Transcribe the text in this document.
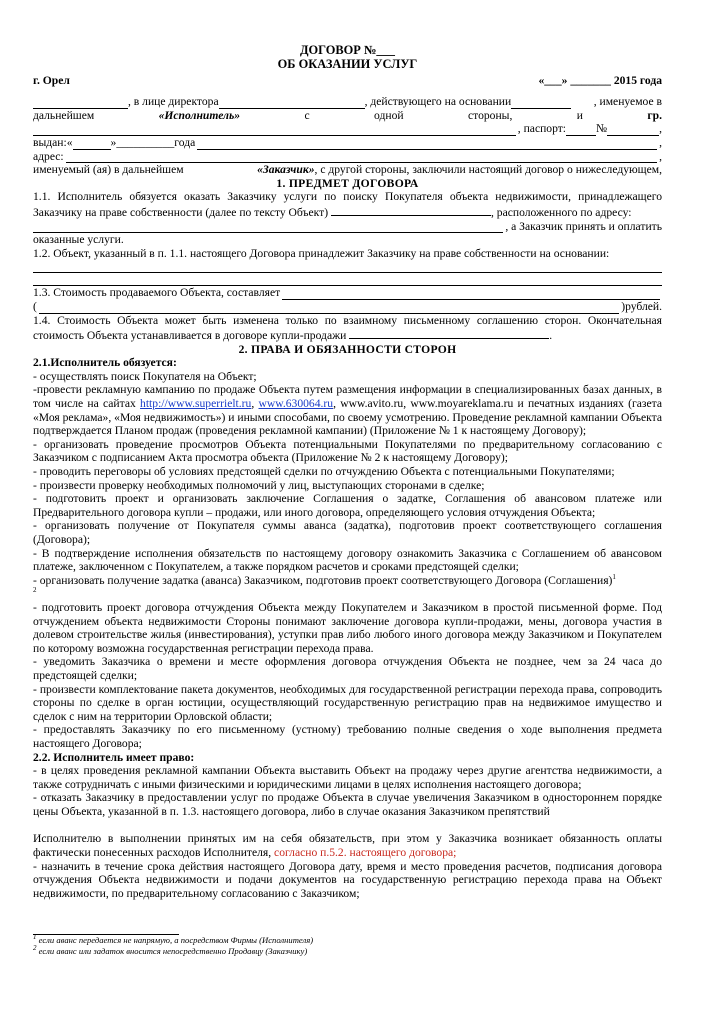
ДОГОВОР №___
ОБ ОКАЗАНИИ УСЛУГ
г. Орел	«___» _______ 2015 года
, в лице директора	, действующего на основании	, именуемое в
дальнейшем	«Исполнитель»	с	одной	стороны,	и	гр.
, паспорт:	№	,
выдан:«	»__________года	,
адрес:	,
именуемый (ая) в дальнейшем	«Заказчик» , с другой стороны, заключили настоящий договор о нижеследующем,
1. ПРЕДМЕТ ДОГОВОРА
1.1. Исполнитель обязуется оказать Заказчику услуги по поиску Покупателя объекта недвижимости, принадлежащего Заказчику на праве собственности (далее по тексту Объект)	, расположенного по адресу:
, а Заказчик принять и оплатить
оказанные услуги.
1.2. Объект, указанный в п. 1.1. настоящего Договора принадлежит Заказчику на праве собственности на основании:
1.3. Стоимость продаваемого Объекта, составляет
(	)рублей.
1.4. Стоимость Объекта может быть изменена только по взаимному письменному соглашению сторон. Окончательная стоимость Объекта устанавливается в договоре купли-продажи	.
2. ПРАВА И ОБЯЗАННОСТИ СТОРОН
2.1.Исполнитель обязуется:
- осуществлять поиск Покупателя на Объект;
-провести рекламную кампанию по продаже Объекта путем размещения информации в специализированных базах данных, в том числе на сайтах http://www.superrielt.ru, www.630064.ru, www.avito.ru, www.moyareklama.ru и печатных изданиях (газета «Моя реклама», «Моя недвижимость») и иными способами, по своему усмотрению. Проведение рекламной кампании Объекта подтверждается Планом продаж (проведения рекламной кампании) (Приложение № 1 к настоящему Договору);
- организовать проведение просмотров Объекта потенциальными Покупателями по предварительному согласованию с Заказчиком с подписанием Акта просмотра объекта (Приложение № 2 к настоящему Договору);
- проводить переговоры об условиях предстоящей сделки по отчуждению Объекта с потенциальными Покупателями;
- произвести проверку необходимых полномочий у лиц, выступающих сторонами в сделке;
- подготовить проект и организовать заключение Соглашения о задатке, Соглашения об авансовом платеже или Предварительного договора купли – продажи, или иного договора, определяющего условия отчуждения Объекта;
- организовать получение от Покупателя суммы аванса (задатка), подготовив проект соответствующего соглашения (Договора);
- В подтверждение исполнения обязательств по настоящему договору ознакомить Заказчика с Соглашением об авансовом платеже, заключенном с Покупателем, а также порядком расчетов и сроками предстоящей сделки;
- организовать получение задатка (аванса) Заказчиком, подготовив проект соответствующего Договора (Соглашения)$^1$
$^2$
- подготовить проект договора отчуждения Объекта между Покупателем и Заказчиком в простой письменной форме. Под отчуждением объекта недвижимости Стороны понимают заключение договора купли-продажи, мены, договора участия в долевом строительстве жилья (инвестирования), уступки прав либо любого иного договора между Заказчиком и Покупателем по которому возможна государственная регистрации перехода права.
- уведомить Заказчика о времени и месте оформления договора отчуждения Объекта не позднее, чем за 24 часа до предстоящей сделки;
- произвести комплектование пакета документов, необходимых для государственной регистрации перехода права, сопроводить стороны по сделке в орган юстиции, осуществляющий государственную регистрацию прав на недвижимое имущество и сделок с ним на территории Орловской области;
- предоставлять Заказчику по его письменному (устному) требованию полные сведения о ходе выполнения предмета настоящего Договора;
2.2. Исполнитель имеет право:
- в целях проведения рекламной кампании Объекта выставить Объект на продажу через другие агентства недвижимости, а также сотрудничать с иными физическими и юридическими лицами в целях исполнения настоящего договора;
- отказать Заказчику в предоставлении услуг по продаже Объекта в случае увеличения Заказчиком в одностороннем порядке цены Объекта, указанной в п. 1.3. настоящего договора, либо в случае оказания Заказчиком препятствий
Исполнителю в выполнении принятых им на себя обязательств, при этом у Заказчика возникает обязанность оплаты фактически понесенных расходов Исполнителя, согласно п.5.2. настоящего договора;
- назначить в течение срока действия настоящего Договора дату, время и место проведения расчетов, подписания договора отчуждения Объекта недвижимости и подачи документов на государственную регистрацию перехода права на Объект недвижимости, по предварительному согласованию с Заказчиком;
$^1$ если аванс передается не напрямую, а посредством Фирмы (Исполнителя)
$^2$ если аванс или задаток вносится непосредственно Продавцу (Заказчику)
